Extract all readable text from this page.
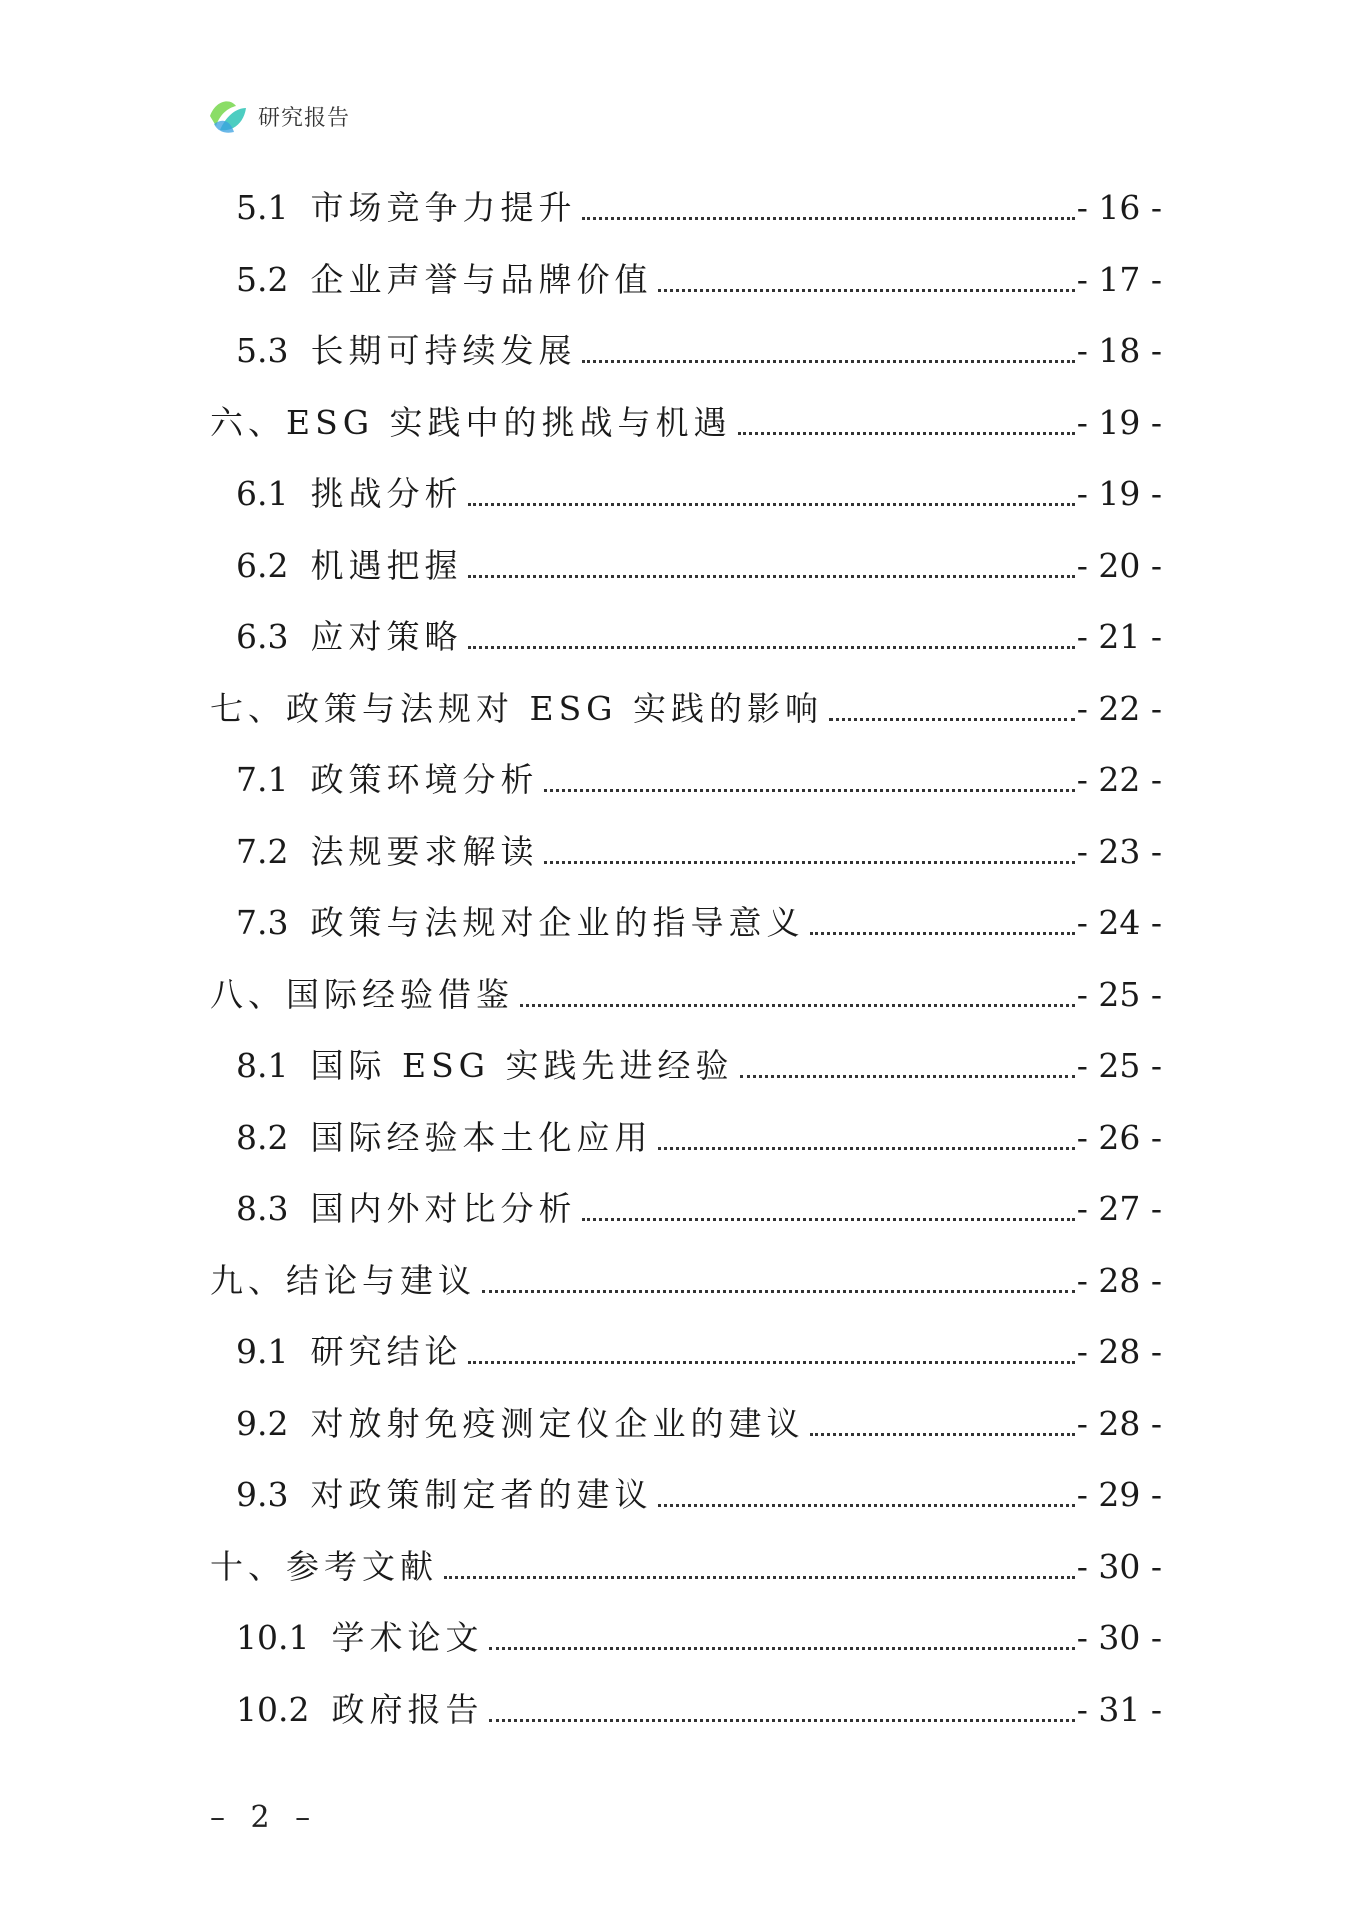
研究报告
5.1 市场竞争力提升	- 16 -
5.2 企业声誉与品牌价值	- 17 -
5.3 长期可持续发展	- 18 -
六、ESG 实践中的挑战与机遇	- 19 -
6.1 挑战分析	- 19 -
6.2 机遇把握	- 20 -
6.3 应对策略	- 21 -
七、政策与法规对 ESG 实践的影响	- 22 -
7.1 政策环境分析	- 22 -
7.2 法规要求解读	- 23 -
7.3 政策与法规对企业的指导意义	- 24 -
八、国际经验借鉴	- 25 -
8.1 国际 ESG 实践先进经验	- 25 -
8.2 国际经验本土化应用	- 26 -
8.3 国内外对比分析	- 27 -
九、结论与建议	- 28 -
9.1 研究结论	- 28 -
9.2 对放射免疫测定仪企业的建议	- 28 -
9.3 对政策制定者的建议	- 29 -
十、参考文献	- 30 -
10.1 学术论文	- 30 -
10.2 政府报告	- 31 -
– 2 –
